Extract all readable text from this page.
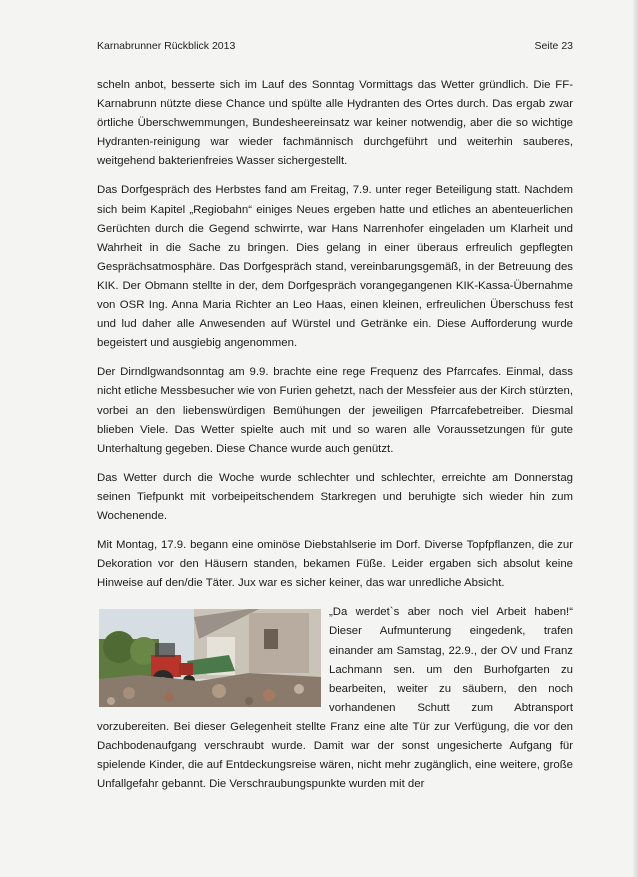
Karnabrunner Rückblick 2013	Seite 23

scheln anbot, besserte sich im Lauf des Sonntag Vormittags das Wetter gründlich. Die FF-Karnabrunn nützte diese Chance und spülte alle Hydranten des Ortes durch. Das ergab zwar örtliche Überschwemmungen, Bundesheereinsatz war keiner notwendig, aber die so wichtige Hydranten-reinigung war wieder fachmännisch durchgeführt und weiterhin sauberes, weitgehend bakterienfreies Wasser sichergestellt.

Das Dorfgespräch des Herbstes fand am Freitag, 7.9. unter reger Beteiligung statt. Nachdem sich beim Kapitel „Regiobahn“ einiges Neues ergeben hatte und etliches an abenteuerlichen Gerüchten durch die Gegend schwirrte, war Hans Narrenhofer eingeladen um Klarheit und Wahrheit in die Sache zu bringen. Dies gelang in einer überaus erfreulich gepflegten Gesprächsatmosphäre. Das Dorfgespräch stand, vereinbarungsgemäß, in der Betreuung des KIK. Der Obmann stellte in der, dem Dorfgespräch vorangegangenen KIK-Kassa-Übernahme von OSR Ing. Anna Maria Richter an Leo Haas, einen kleinen, erfreulichen Überschuss fest und lud daher alle Anwesenden auf Würstel und Getränke ein. Diese Aufforderung wurde begeistert und ausgiebig angenommen.

Der Dirndlgwandsonntag am 9.9. brachte eine rege Frequenz des Pfarrcafes. Einmal, dass nicht etliche Messbesucher wie von Furien gehetzt, nach der Messfeier aus der Kirch stürzten, vorbei an den liebenswürdigen Bemühungen der jeweiligen Pfarrcafebetreiber. Diesmal blieben Viele. Das Wetter spielte auch mit und so waren alle Voraussetzungen für gute Unterhaltung gegeben. Diese Chance wurde auch genützt.

Das Wetter durch die Woche wurde schlechter und schlechter, erreichte am Donnerstag seinen Tiefpunkt mit vorbeipeitschendem Starkregen und beruhigte sich wieder hin zum Wochenende.

Mit Montag, 17.9. begann eine ominöse Diebstahlserie im Dorf. Diverse Topfpflanzen, die zur Dekoration vor den Häusern standen, bekamen Füße. Leider ergaben sich absolut keine Hinweise auf den/die Täter. Jux war es sicher keiner, das war unredliche Absicht.

„Da werdet`s aber noch viel Arbeit haben!“ Dieser Aufmunterung eingedenk, trafen einander am Samstag, 22.9., der OV und Franz Lachmann sen. um den Burhofgarten zu bearbeiten, weiter zu säubern, den noch vorhandenen Schutt zum Abtransport vorzubereiten. Bei dieser Gelegenheit stellte Franz eine alte Tür zur Verfügung, die vor den Dachbodenaufgang verschraubt wurde. Damit war der sonst ungesicherte Aufgang für spielende Kinder, die auf Entdeckungsreise wären, nicht mehr zugänglich, eine weitere, große Unfallgefahr gebannt. Die Verschraubungspunkte wurden mit der
